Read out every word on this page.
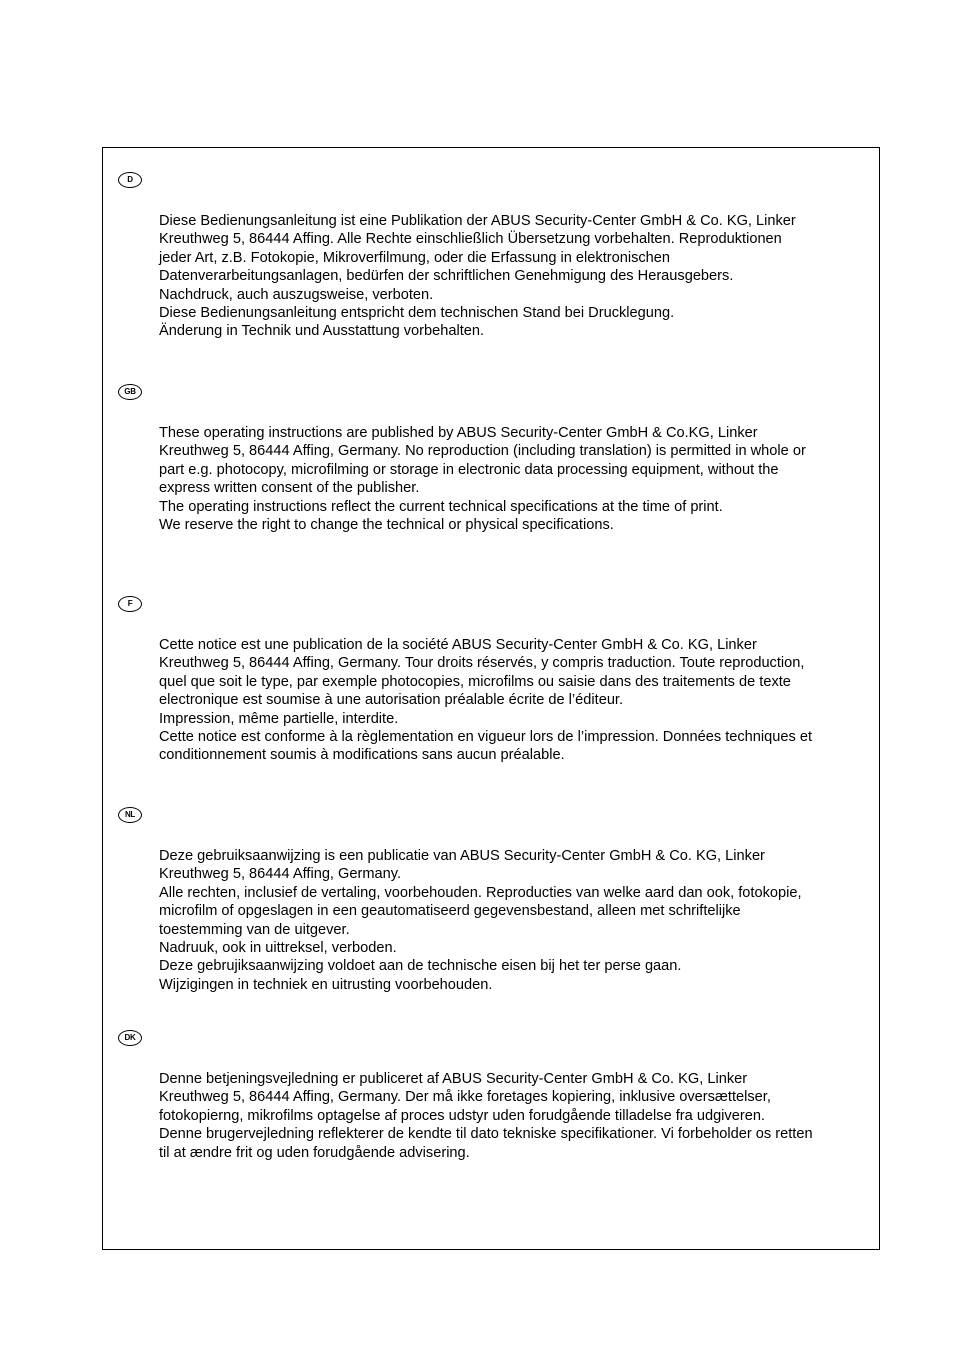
D

Diese Bedienungsanleitung ist eine Publikation der ABUS Security-Center GmbH & Co. KG, Linker

Kreuthweg 5, 86444 Affing. Alle Rechte einschließlich Übersetzung vorbehalten. Reproduktionen

jeder Art, z.B. Fotokopie, Mikroverfilmung, oder die Erfassung in elektronischen

Datenverarbeitungsanlagen, bedürfen der schriftlichen Genehmigung des Herausgebers.

Nachdruck, auch auszugsweise, verboten.

Diese Bedienungsanleitung entspricht dem technischen Stand bei Drucklegung.

Änderung in Technik und Ausstattung vorbehalten.

GB

These operating instructions are published by ABUS Security-Center GmbH & Co.KG, Linker

Kreuthweg 5, 86444 Affing, Germany. No reproduction (including translation) is permitted in whole or

part e.g. photocopy, microfilming or storage in electronic data processing equipment, without the

express written consent of the publisher.

The operating instructions reflect the current technical specifications at the time of print.

We reserve the right to change the technical or physical specifications.

F

Cette notice est une publication de la société ABUS Security-Center GmbH & Co. KG, Linker

Kreuthweg 5, 86444 Affing, Germany. Tour droits réservés, y compris traduction. Toute reproduction,

quel que soit le type, par exemple photocopies, microfilms ou saisie dans des traitements de texte

electronique est soumise à une autorisation préalable écrite de l’éditeur.

Impression, même partielle, interdite.

Cette notice est conforme à la règlementation en vigueur lors de l’impression. Données techniques et

conditionnement soumis à modifications sans aucun préalable.

NL

Deze gebruiksaanwijzing is een publicatie van ABUS Security-Center GmbH & Co. KG, Linker

Kreuthweg 5, 86444 Affing, Germany.

Alle rechten, inclusief de vertaling, voorbehouden. Reproducties van welke aard dan ook, fotokopie,

microfilm of opgeslagen in een geautomatiseerd gegevensbestand, alleen met schriftelijke

toestemming van de uitgever.

Nadruuk, ook in uittreksel, verboden.

Deze gebrujiksaanwijzing voldoet aan de technische eisen bij het ter perse gaan.

Wijzigingen in techniek en uitrusting voorbehouden.

DK

Denne betjeningsvejledning er publiceret af ABUS Security-Center GmbH & Co. KG, Linker

Kreuthweg 5, 86444 Affing, Germany. Der må ikke foretages kopiering, inklusive oversættelser,

fotokopierng, mikrofilms optagelse af proces udstyr uden forudgående tilladelse fra udgiveren.

Denne brugervejledning reflekterer de kendte til dato tekniske specifikationer. Vi forbeholder os retten

til at ændre frit og uden forudgående advisering.
